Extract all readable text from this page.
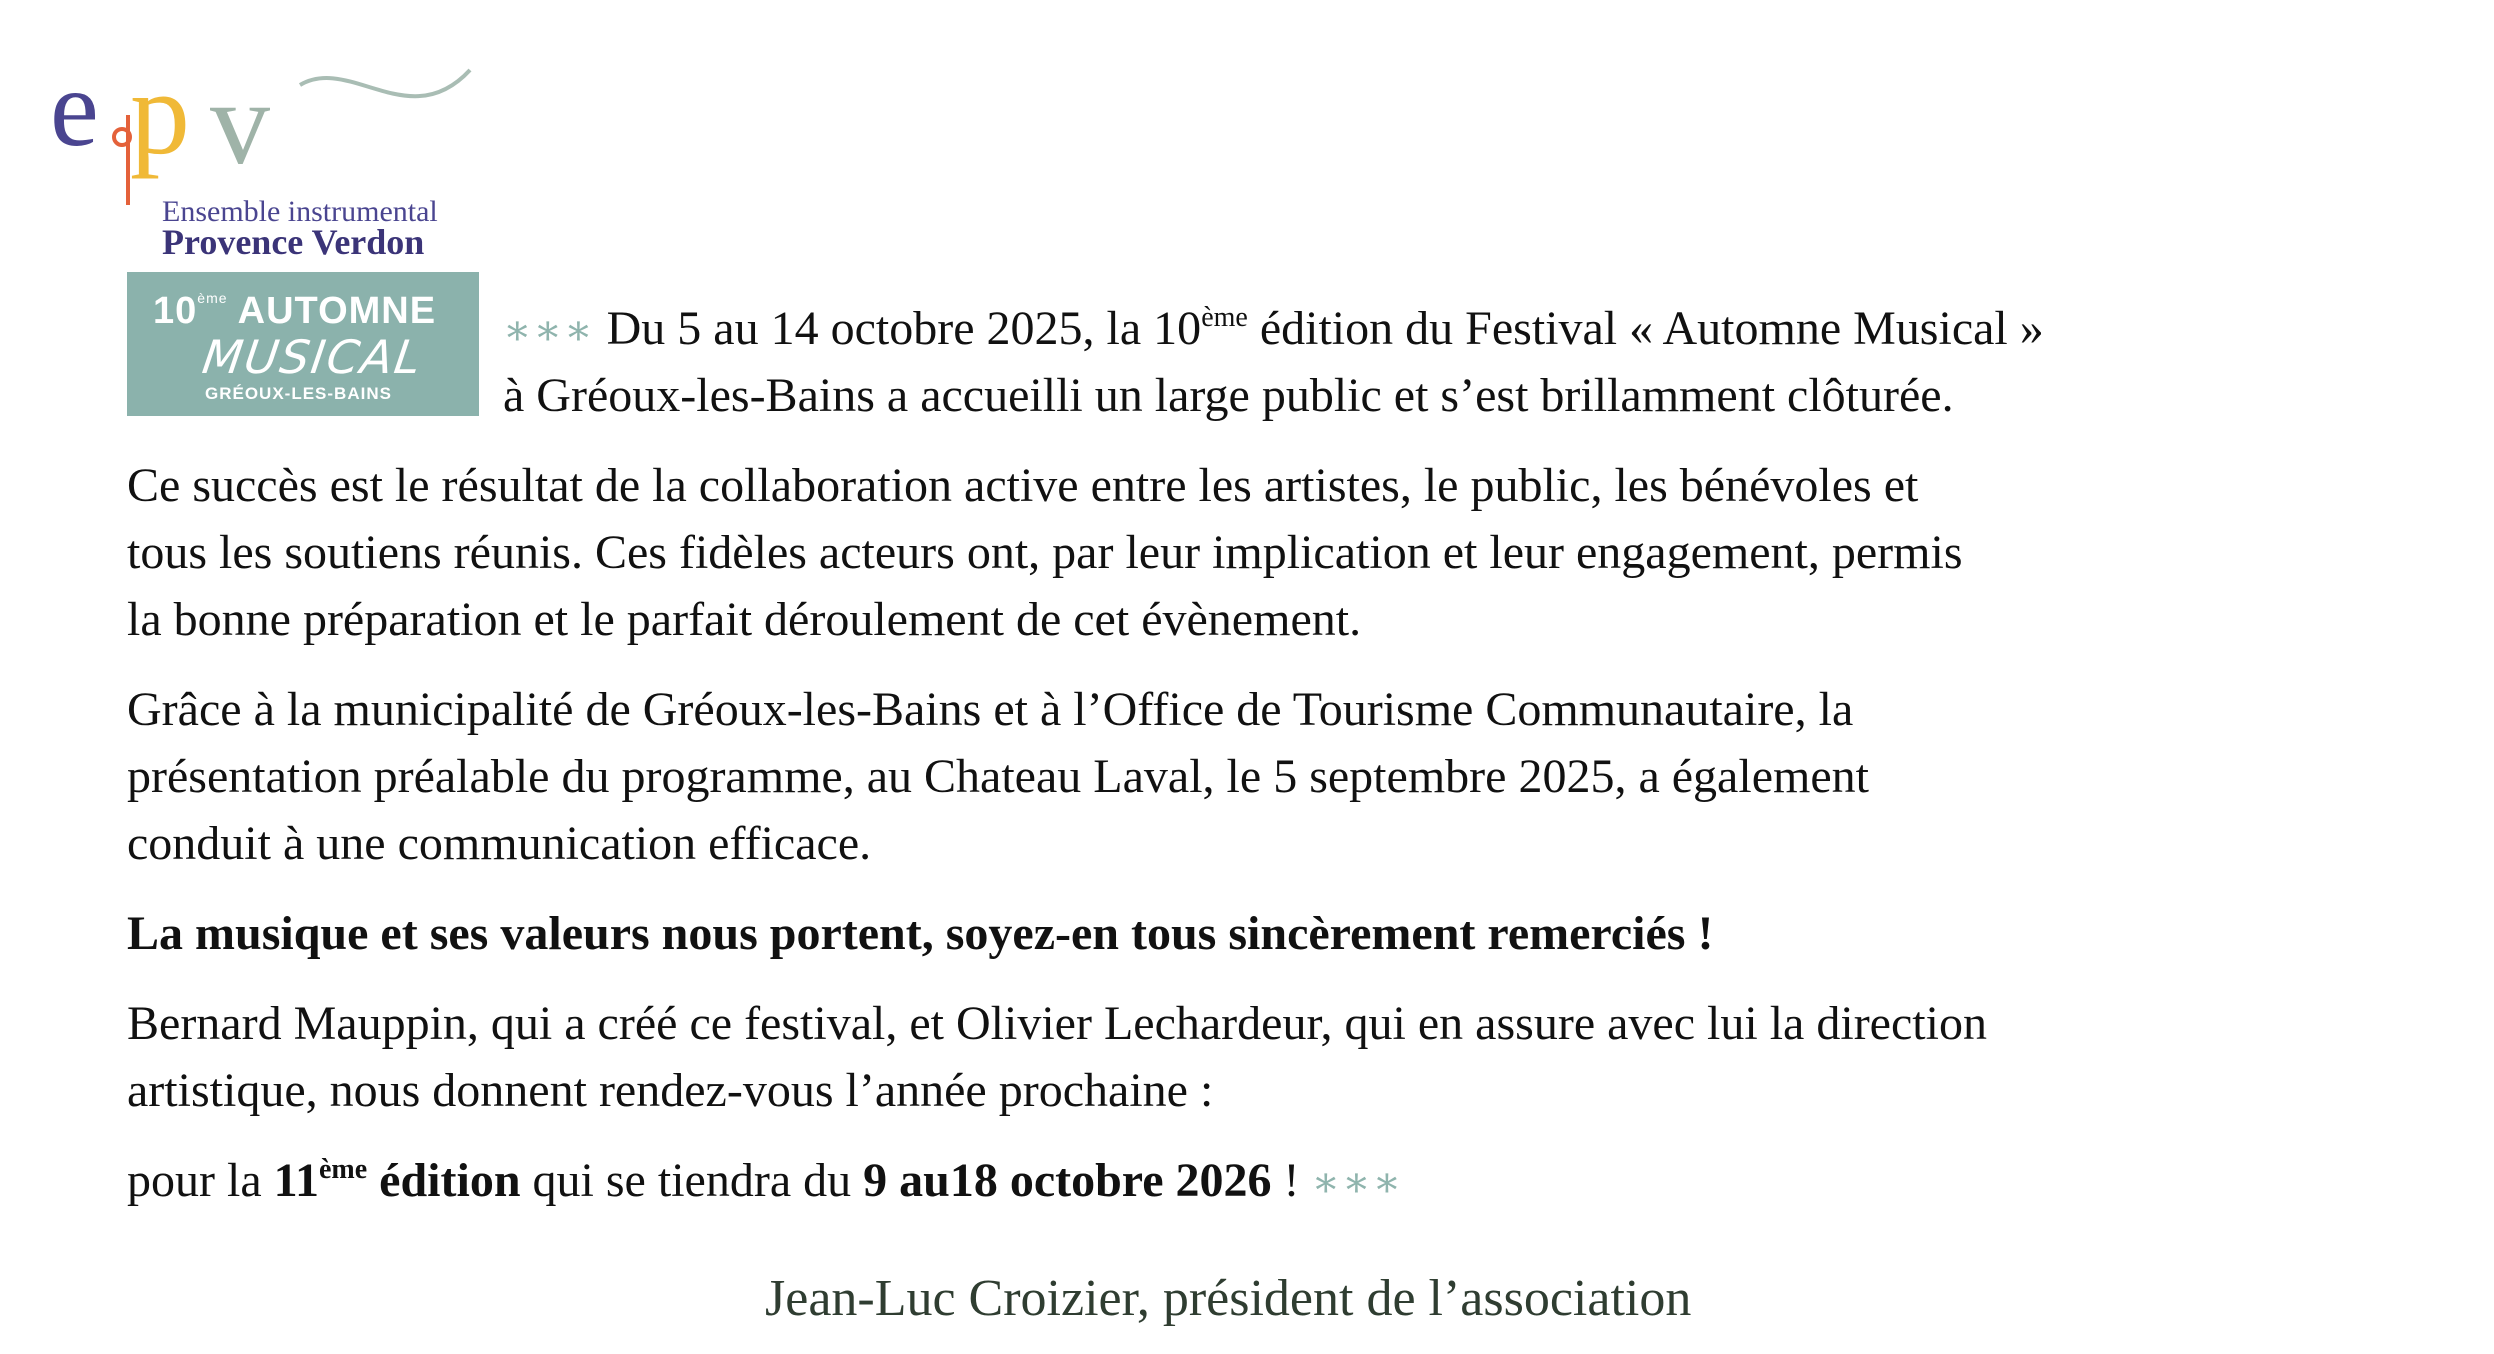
e p v
Ensemble instrumental
Provence Verdon
10ème AUTOMNE
MUSICAL
GRÉOUX-LES-BAINS

∗∗∗ Du 5 au 14 octobre 2025, la 10ème édition du Festival « Automne Musical »

à Gréoux-les-Bains a accueilli un large public et s’est brillamment clôturée.

Ce succès est le résultat de la collaboration active entre les artistes, le public, les bénévoles et

tous les soutiens réunis. Ces fidèles acteurs ont, par leur implication et leur engagement, permis

la bonne préparation et le parfait déroulement de cet évènement.

Grâce à la municipalité de Gréoux-les-Bains et à l’Office de Tourisme Communautaire, la

présentation préalable du programme, au Chateau Laval, le 5 septembre 2025, a également

conduit à une communication efficace.

La musique et ses valeurs nous portent, soyez-en tous sincèrement remerciés !

Bernard Mauppin, qui a créé ce festival, et Olivier Lechardeur, qui en assure avec lui la direction

artistique, nous donnent rendez-vous l’année prochaine :

pour la 11ème édition qui se tiendra du 9 au18 octobre 2026 ! ∗∗∗

Jean-Luc Croizier, président de l’association
